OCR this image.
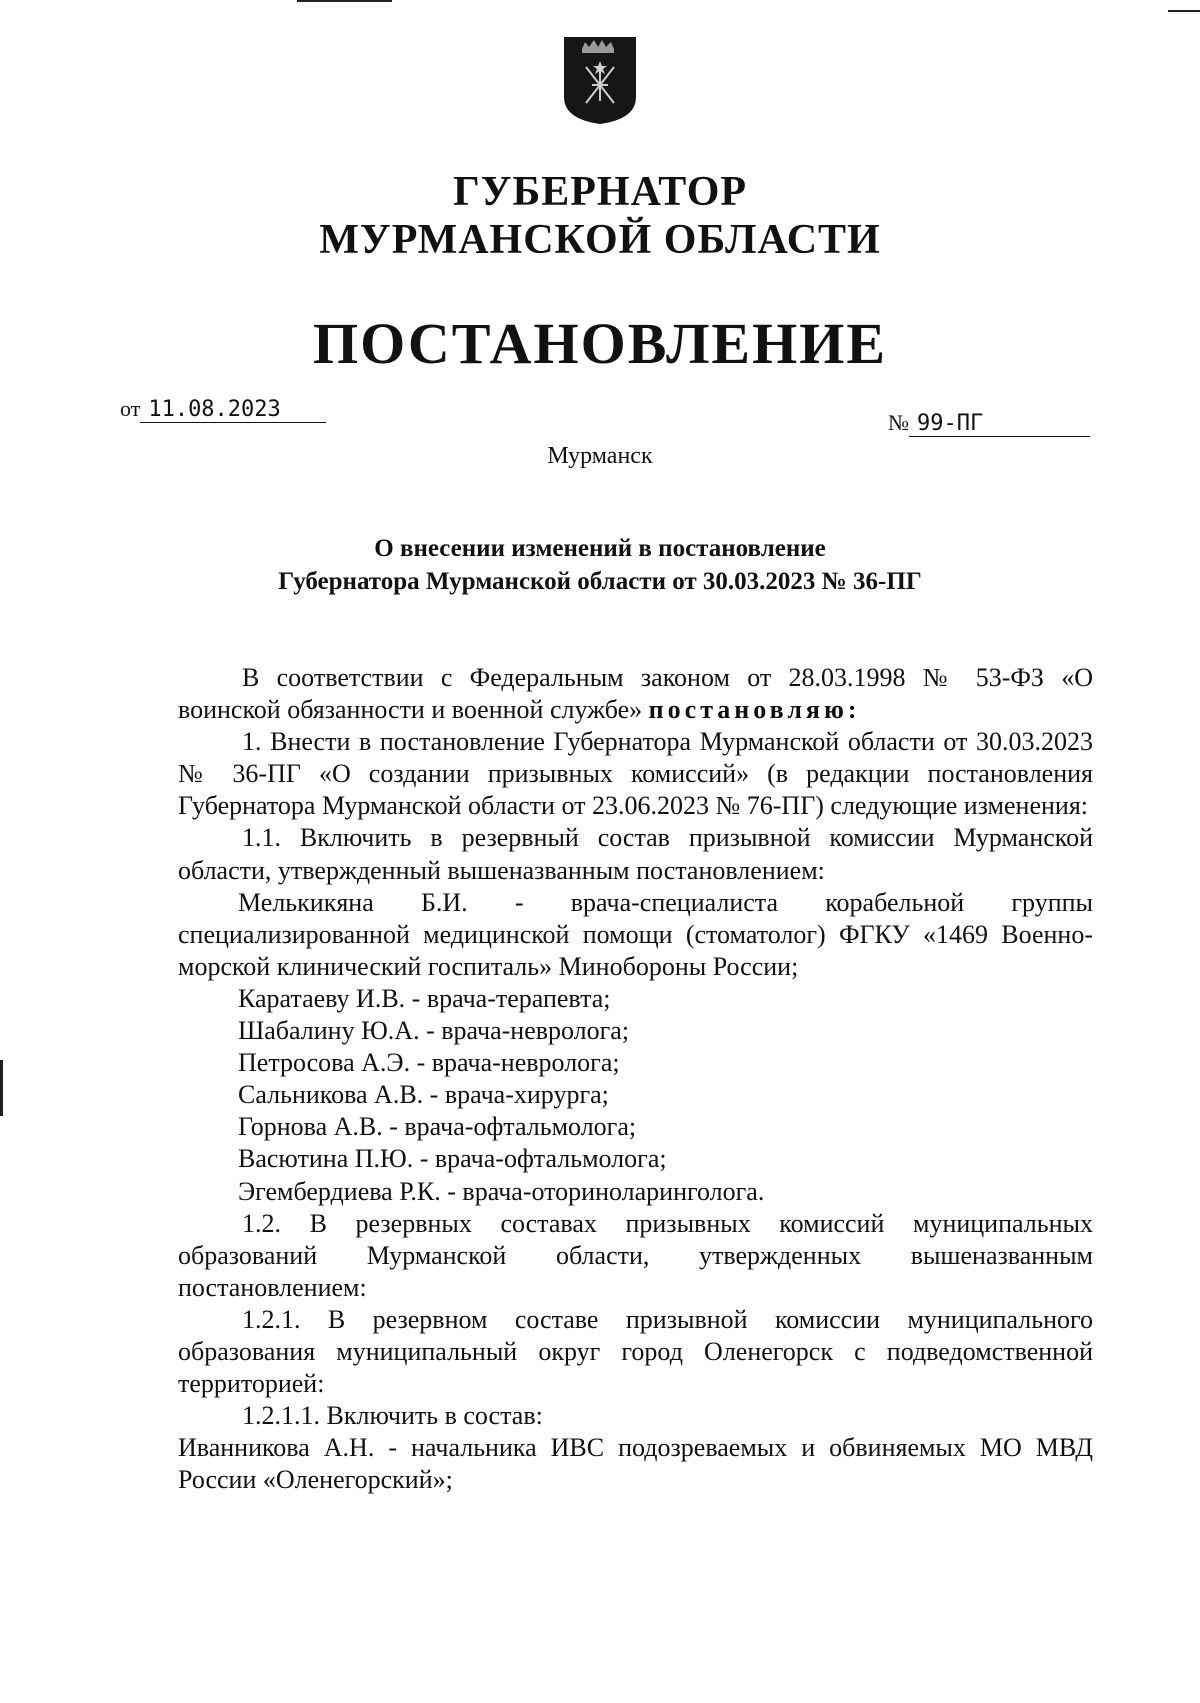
ГУБЕРНАТОР
МУРМАНСКОЙ ОБЛАСТИ
ПОСТАНОВЛЕНИЕ
от 11.08.2023
№ 99-ПГ
Мурманск
О внесении изменений в постановление
Губернатора Мурманской области от 30.03.2023 № 36-ПГ

В соответствии с Федеральным законом от 28.03.1998 № 53-ФЗ «О воинской обязанности и военной службе» постановляю:

1. Внести в постановление Губернатора Мурманской области от 30.03.2023 № 36-ПГ «О создании призывных комиссий» (в редакции постановления Губернатора Мурманской области от 23.06.2023 № 76-ПГ) следующие изменения:

1.1. Включить в резервный состав призывной комиссии Мурманской области, утвержденный вышеназванным постановлением:

Мелькикяна Б.И. - врача-специалиста корабельной группы специализированной медицинской помощи (стоматолог) ФГКУ «1469 Военно-морской клинический госпиталь» Минобороны России;

Каратаеву И.В. - врача-терапевта;

Шабалину Ю.А. - врача-невролога;

Петросова А.Э. - врача-невролога;

Сальникова А.В. - врача-хирурга;

Горнова А.В. - врача-офтальмолога;

Васютина П.Ю. - врача-офтальмолога;

Эгембердиева Р.К. - врача-оториноларинголога.

1.2. В резервных составах призывных комиссий муниципальных образований Мурманской области, утвержденных вышеназванным постановлением:

1.2.1. В резервном составе призывной комиссии муниципального образования муниципальный округ город Оленегорск с подведомственной территорией:

1.2.1.1. Включить в состав:

Иванникова А.Н. - начальника ИВС подозреваемых и обвиняемых МО МВД России «Оленегорский»;
